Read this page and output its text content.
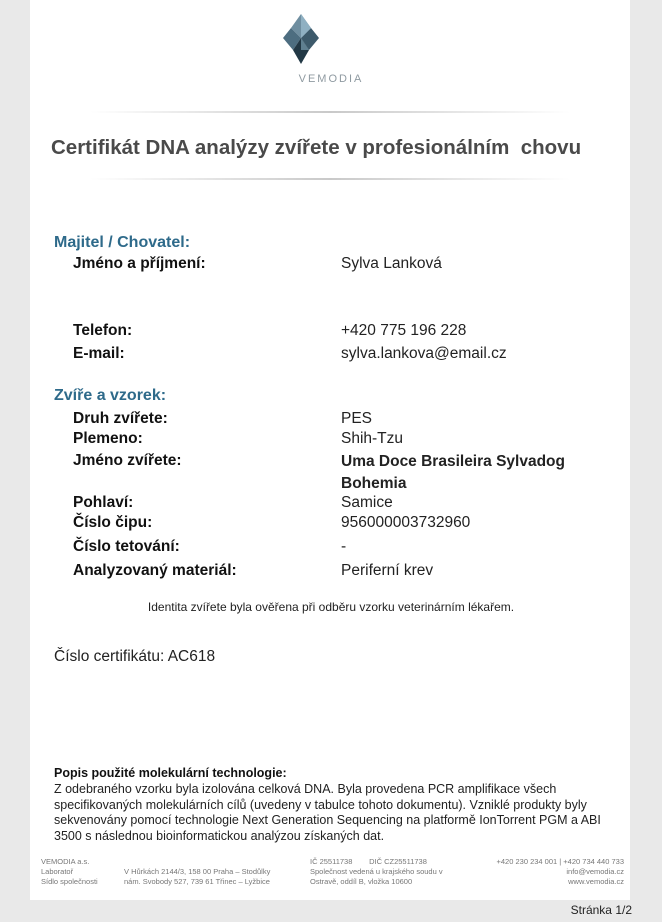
VEMODIA
Certifikát DNA analýzy zvířete v profesionálním  chovu
Majitel / Chovatel:
Jméno a příjmení:	Sylva Lanková
Telefon:	+420 775 196 228
E-mail:	sylva.lankova@email.cz
Zvíře a vzorek:
Druh zvířete:	PES
Plemeno:	Shih-Tzu
Jméno zvířete:	Uma Doce Brasileira Sylvadog Bohemia
Pohlaví:	Samice
Číslo čipu:	956000003732960
Číslo tetování:	-
Analyzovaný materiál:	Periferní krev
Identita zvířete byla ověřena při odběru vzorku veterinárním lékařem.
Číslo certifikátu: AC618
Popis použité molekulární technologie:
Z odebraného vzorku byla izolována celková DNA. Byla provedena PCR amplifikace všech specifikovaných molekulárních cílů (uvedeny v tabulce tohoto dokumentu). Vzniklé produkty byly sekvenovány pomocí technologie Next Generation Sequencing na platformě IonTorrent PGM a ABI 3500 s následnou bioinformatickou analýzou získaných dat.
VEMODIA a.s.
Laboratoř
Sídlo společnosti

V Hůrkách 2144/3, 158 00 Praha – Stodůlky
nám. Svobody 527, 739 61 Třinec – Lyžbice
IČ 25511738        DIČ CZ25511738
Společnost vedená u krajského soudu v
Ostravě, oddíl B, vložka 10600
+420 230 234 001 | +420 734 440 733
info@vemodia.cz
www.vemodia.cz
Stránka 1/2
